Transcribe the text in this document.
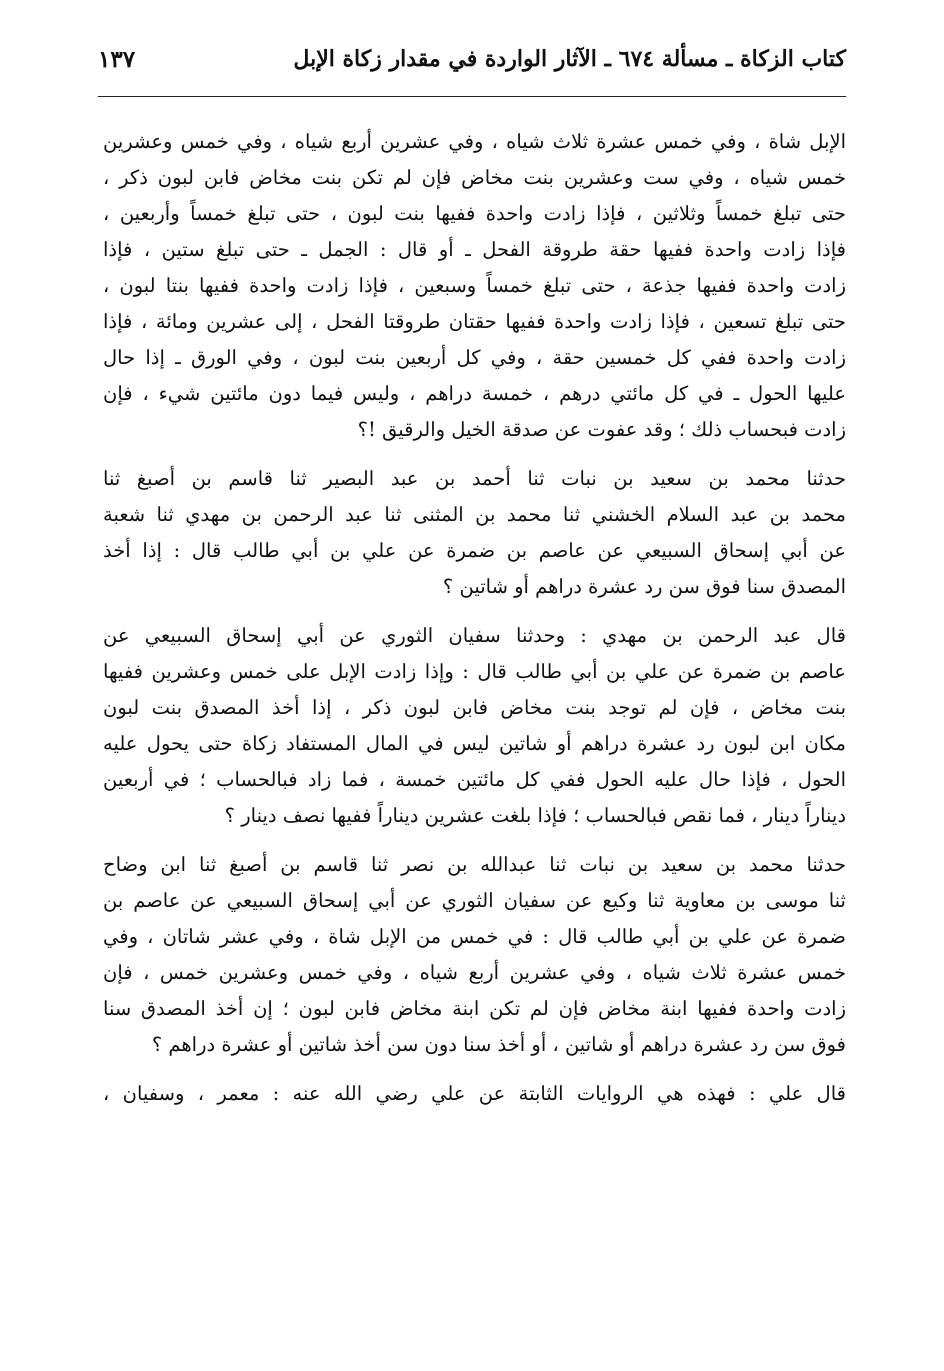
كتاب الزكاة ـ مسألة ٦٧٤ ـ الآثار الواردة في مقدار زكاة الإبل
١٣٧
الإبل شاة ، وفي خمس عشرة ثلاث شياه ، وفي عشرين أربع شياه ، وفي خمس وعشرين
خمس شياه ، وفي ست وعشرين بنت مخاض فإن لم تكن بنت مخاض فابن لبون ذكر ،
حتى تبلغ خمساً وثلاثين ، فإذا زادت واحدة ففيها بنت لبون ، حتى تبلغ خمساً وأربعين ،
فإذا زادت واحدة ففيها حقة طروقة الفحل ـ أو قال : الجمل ـ حتى تبلغ ستين ، فإذا
زادت واحدة ففيها جذعة ، حتى تبلغ خمساً وسبعين ، فإذا زادت واحدة ففيها بنتا لبون ،
حتى تبلغ تسعين ، فإذا زادت واحدة ففيها حقتان طروقتا الفحل ، إلى عشرين ومائة ، فإذا
زادت واحدة ففي كل خمسين حقة ، وفي كل أربعين بنت لبون ، وفي الورق ـ إذا حال
عليها الحول ـ في كل مائتي درهم ، خمسة دراهم ، وليس فيما دون مائتين شيء ، فإن
زادت فبحساب ذلك ؛ وقد عفوت عن صدقة الخيل والرقيق !؟
حدثنا محمد بن سعيد بن نبات ثنا أحمد بن عبد البصير ثنا قاسم بن أصبغ ثنا
محمد بن عبد السلام الخشني ثنا محمد بن المثنى ثنا عبد الرحمن بن مهدي ثنا شعبة
عن أبي إسحاق السبيعي عن عاصم بن ضمرة عن علي بن أبي طالب قال : إذا أخذ
المصدق سنا فوق سن رد عشرة دراهم أو شاتين ؟
قال عبد الرحمن بن مهدي : وحدثنا سفيان الثوري عن أبي إسحاق السبيعي عن
عاصم بن ضمرة عن علي بن أبي طالب قال : وإذا زادت الإبل على خمس وعشرين ففيها
بنت مخاض ، فإن لم توجد بنت مخاض فابن لبون ذكر ، إذا أخذ المصدق بنت لبون
مكان ابن لبون رد عشرة دراهم أو شاتين ليس في المال المستفاد زكاة حتى يحول عليه
الحول ، فإذا حال عليه الحول ففي كل مائتين خمسة ، فما زاد فبالحساب ؛ في أربعين
ديناراً دينار ، فما نقص فبالحساب ؛ فإذا بلغت عشرين ديناراً ففيها نصف دينار ؟
حدثنا محمد بن سعيد بن نبات ثنا عبدالله بن نصر ثنا قاسم بن أصبغ ثنا ابن وضاح
ثنا موسى بن معاوية ثنا وكيع عن سفيان الثوري عن أبي إسحاق السبيعي عن عاصم بن
ضمرة عن علي بن أبي طالب قال : في خمس من الإبل شاة ، وفي عشر شاتان ، وفي
خمس عشرة ثلاث شياه ، وفي عشرين أربع شياه ، وفي خمس وعشرين خمس ، فإن
زادت واحدة ففيها ابنة مخاض فإن لم تكن ابنة مخاض فابن لبون ؛ إن أخذ المصدق سنا
فوق سن رد عشرة دراهم أو شاتين ، أو أخذ سنا دون سن أخذ شاتين أو عشرة دراهم ؟
قال علي : فهذه هي الروايات الثابتة عن علي رضي الله عنه : معمر ، وسفيان ،
